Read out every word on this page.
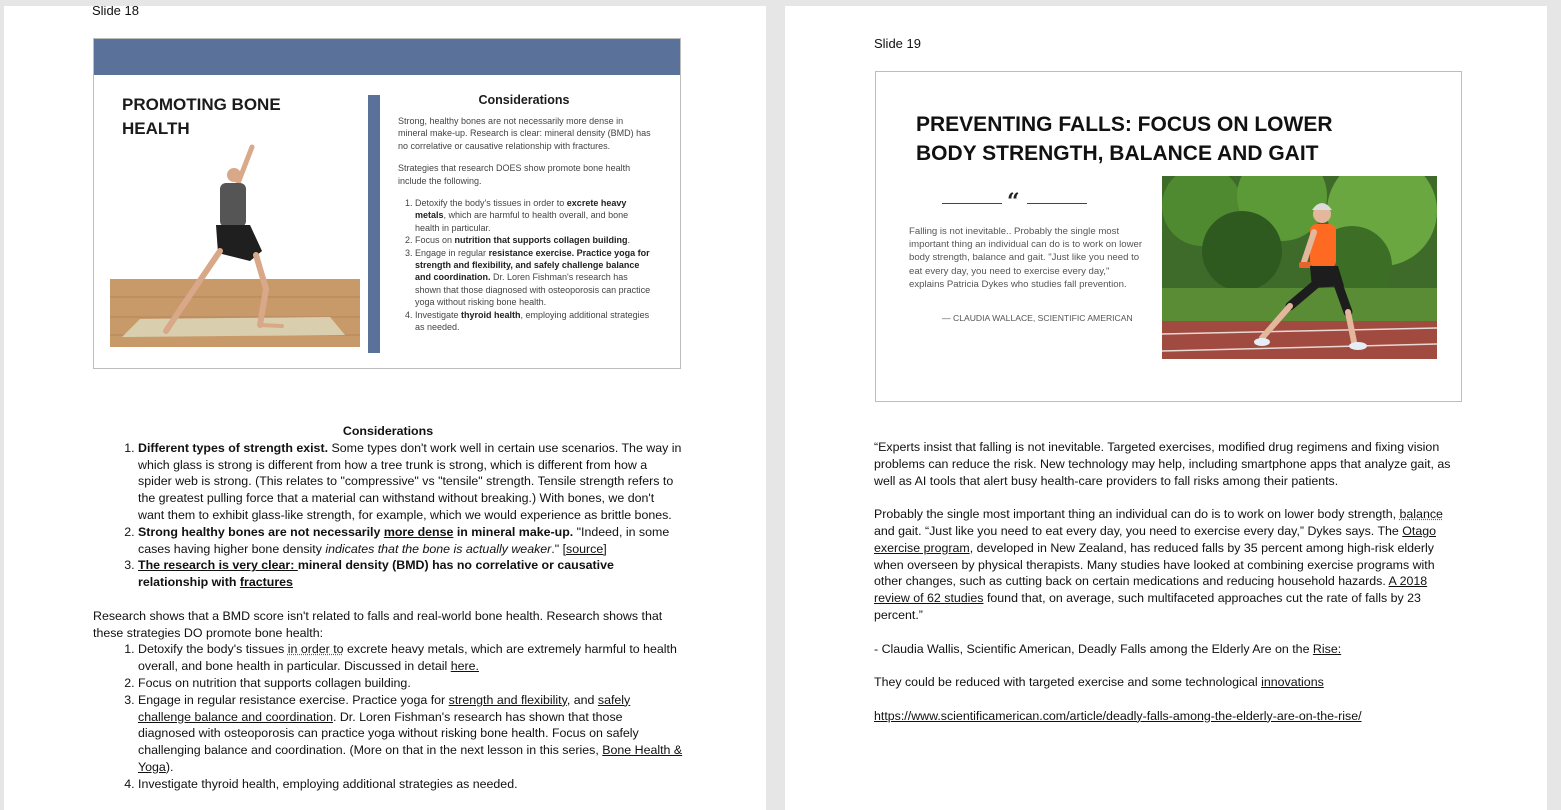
Slide 18
PROMOTING BONE
HEALTH
Considerations

Strong, healthy bones are not necessarily more dense in mineral make-up. Research is clear: mineral density (BMD) has no correlative or causative relationship with fractures.

Strategies that research DOES show promote bone health include the following.

1. Detoxify the body's tissues in order to excrete heavy metals, which are harmful to health overall, and bone health in particular.
2. Focus on nutrition that supports collagen building.
3. Engage in regular resistance exercise. Practice yoga for strength and flexibility, and safely challenge balance and coordination. Dr. Loren Fishman's research has shown that those diagnosed with osteoporosis can practice yoga without risking bone health.
4. Investigate thyroid health, employing additional strategies as needed.
Considerations
1. Different types of strength exist. Some types don't work well in certain use scenarios. The way in which glass is strong is different from how a tree trunk is strong, which is different from how a spider web is strong. (This relates to "compressive" vs "tensile" strength. Tensile strength refers to the greatest pulling force that a material can withstand without breaking.) With bones, we don't want them to exhibit glass-like strength, for example, which we would experience as brittle bones.
2. Strong healthy bones are not necessarily more dense in mineral make-up. "Indeed, in some cases having higher bone density indicates that the bone is actually weaker." [source]
3. The research is very clear: mineral density (BMD) has no correlative or causative relationship with fractures

Research shows that a BMD score isn't related to falls and real-world bone health. Research shows that these strategies DO promote bone health:

1. Detoxify the body's tissues in order to excrete heavy metals, which are extremely harmful to health overall, and bone health in particular. Discussed in detail here.
2. Focus on nutrition that supports collagen building.
3. Engage in regular resistance exercise. Practice yoga for strength and flexibility, and safely challenge balance and coordination. Dr. Loren Fishman's research has shown that those diagnosed with osteoporosis can practice yoga without risking bone health. Focus on safely challenging balance and coordination. (More on that in the next lesson in this series, Bone Health & Yoga).
4. Investigate thyroid health, employing additional strategies as needed.
Slide 19
PREVENTING FALLS: FOCUS ON LOWER
BODY STRENGTH, BALANCE AND GAIT
“
Falling is not inevitable.. Probably the single most important thing an individual can do is to work on lower body strength, balance and gait. "Just like you need to eat every day, you need to exercise every day," explains Patricia Dykes who studies fall prevention.
— CLAUDIA WALLACE, SCIENTIFIC AMERICAN

“Experts insist that falling is not inevitable. Targeted exercises, modified drug regimens and fixing vision problems can reduce the risk. New technology may help, including smartphone apps that analyze gait, as well as AI tools that alert busy health-care providers to fall risks among their patients.

Probably the single most important thing an individual can do is to work on lower body strength, balance and gait. “Just like you need to eat every day, you need to exercise every day,” Dykes says. The Otago exercise program, developed in New Zealand, has reduced falls by 35 percent among high-risk elderly when overseen by physical therapists. Many studies have looked at combining exercise programs with other changes, such as cutting back on certain medications and reducing household hazards. A 2018 review of 62 studies found that, on average, such multifaceted approaches cut the rate of falls by 23 percent.”

- Claudia Wallis, Scientific American, Deadly Falls among the Elderly Are on the Rise:

They could be reduced with targeted exercise and some technological innovations

https://www.scientificamerican.com/article/deadly-falls-among-the-elderly-are-on-the-rise/
